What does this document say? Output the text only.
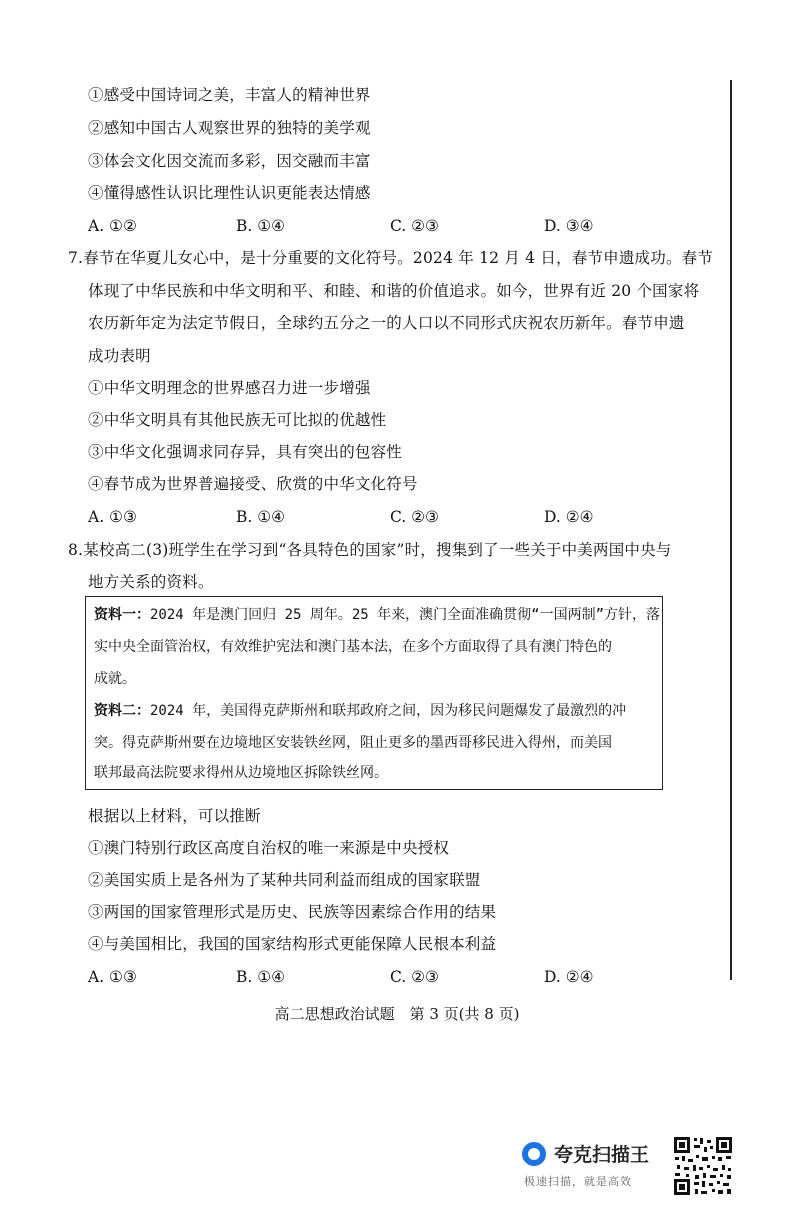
①感受中国诗词之美，丰富人的精神世界
②感知中国古人观察世界的独特的美学观
③体会文化因交流而多彩，因交融而丰富
④懂得感性认识比理性认识更能表达情感
A. ①②	B. ①④	C. ②③	D. ③④
7.春节在华夏儿女心中，是十分重要的文化符号。2024 年 12 月 4 日，春节申遗成功。春节
体现了中华民族和中华文明和平、和睦、和谐的价值追求。如今，世界有近 20 个国家将
农历新年定为法定节假日，全球约五分之一的人口以不同形式庆祝农历新年。春节申遗
成功表明
①中华文明理念的世界感召力进一步增强
②中华文明具有其他民族无可比拟的优越性
③中华文化强调求同存异，具有突出的包容性
④春节成为世界普遍接受、欣赏的中华文化符号
A. ①③	B. ①④	C. ②③	D. ②④
8.某校高二(3)班学生在学习到“各具特色的国家”时，搜集到了一些关于中美两国中央与
地方关系的资料。
资料一：2024 年是澳门回归 25 周年。25 年来，澳门全面准确贯彻“一国两制”方针，落
实中央全面管治权，有效维护宪法和澳门基本法，在多个方面取得了具有澳门特色的
成就。
资料二：2024 年，美国得克萨斯州和联邦政府之间，因为移民问题爆发了最激烈的冲
突。得克萨斯州要在边境地区安装铁丝网，阻止更多的墨西哥移民进入得州，而美国
联邦最高法院要求得州从边境地区拆除铁丝网。
根据以上材料，可以推断
①澳门特别行政区高度自治权的唯一来源是中央授权
②美国实质上是各州为了某种共同利益而组成的国家联盟
③两国的国家管理形式是历史、民族等因素综合作用的结果
④与美国相比，我国的国家结构形式更能保障人民根本利益
A. ①③	B. ①④	C. ②③	D. ②④
高二思想政治试题　第 3 页(共 8 页)
夸克扫描王
极速扫描，就是高效
